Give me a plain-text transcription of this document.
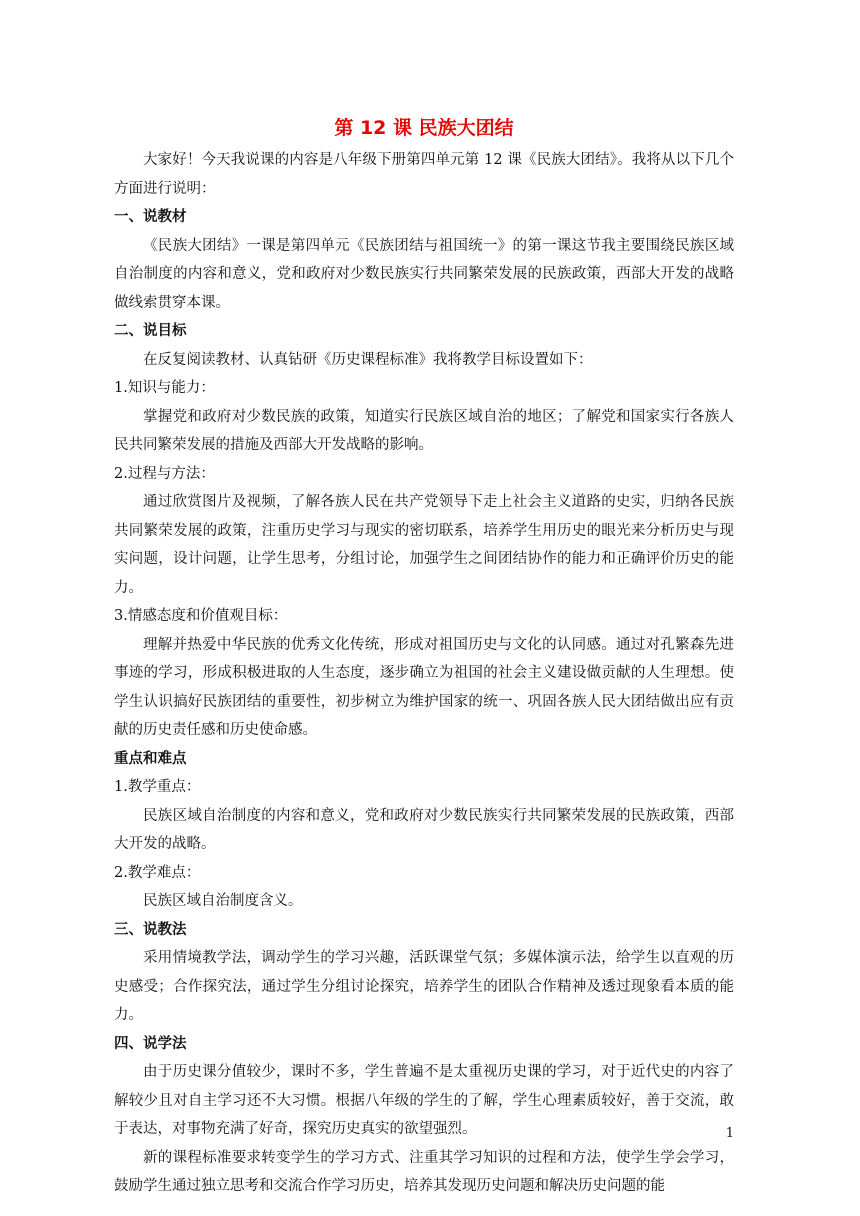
第 12 课 民族大团结

大家好！今天我说课的内容是八年级下册第四单元第 12 课《民族大团结》。我将从以下几个方面进行说明：

一、说教材

《民族大团结》一课是第四单元《民族团结与祖国统一》的第一课这节我主要围绕民族区域自治制度的内容和意义，党和政府对少数民族实行共同繁荣发展的民族政策，西部大开发的战略做线索贯穿本课。

二、说目标

在反复阅读教材、认真钻研《历史课程标准》我将教学目标设置如下：

1.知识与能力：

掌握党和政府对少数民族的政策，知道实行民族区域自治的地区；了解党和国家实行各族人民共同繁荣发展的措施及西部大开发战略的影响。

2.过程与方法：

通过欣赏图片及视频，了解各族人民在共产党领导下走上社会主义道路的史实，归纳各民族共同繁荣发展的政策，注重历史学习与现实的密切联系，培养学生用历史的眼光来分析历史与现实问题，设计问题，让学生思考，分组讨论，加强学生之间团结协作的能力和正确评价历史的能力。

3.情感态度和价值观目标：

理解并热爱中华民族的优秀文化传统，形成对祖国历史与文化的认同感。通过对孔繁森先进事迹的学习，形成积极进取的人生态度，逐步确立为祖国的社会主义建设做贡献的人生理想。使学生认识搞好民族团结的重要性，初步树立为维护国家的统一、巩固各族人民大团结做出应有贡献的历史责任感和历史使命感。

重点和难点

1.教学重点：

民族区域自治制度的内容和意义，党和政府对少数民族实行共同繁荣发展的民族政策，西部大开发的战略。

2.教学难点：

民族区域自治制度含义。

三、说教法

采用情境教学法，调动学生的学习兴趣，活跃课堂气氛；多媒体演示法，给学生以直观的历史感受；合作探究法，通过学生分组讨论探究，培养学生的团队合作精神及透过现象看本质的能力。

四、说学法

由于历史课分值较少，课时不多，学生普遍不是太重视历史课的学习，对于近代史的内容了解较少且对自主学习还不大习惯。根据八年级的学生的了解，学生心理素质较好，善于交流，敢于表达，对事物充满了好奇，探究历史真实的欲望强烈。

新的课程标准要求转变学生的学习方式、注重其学习知识的过程和方法，使学生学会学习，鼓励学生通过独立思考和交流合作学习历史，培养其发现历史问题和解决历史问题的能

1
